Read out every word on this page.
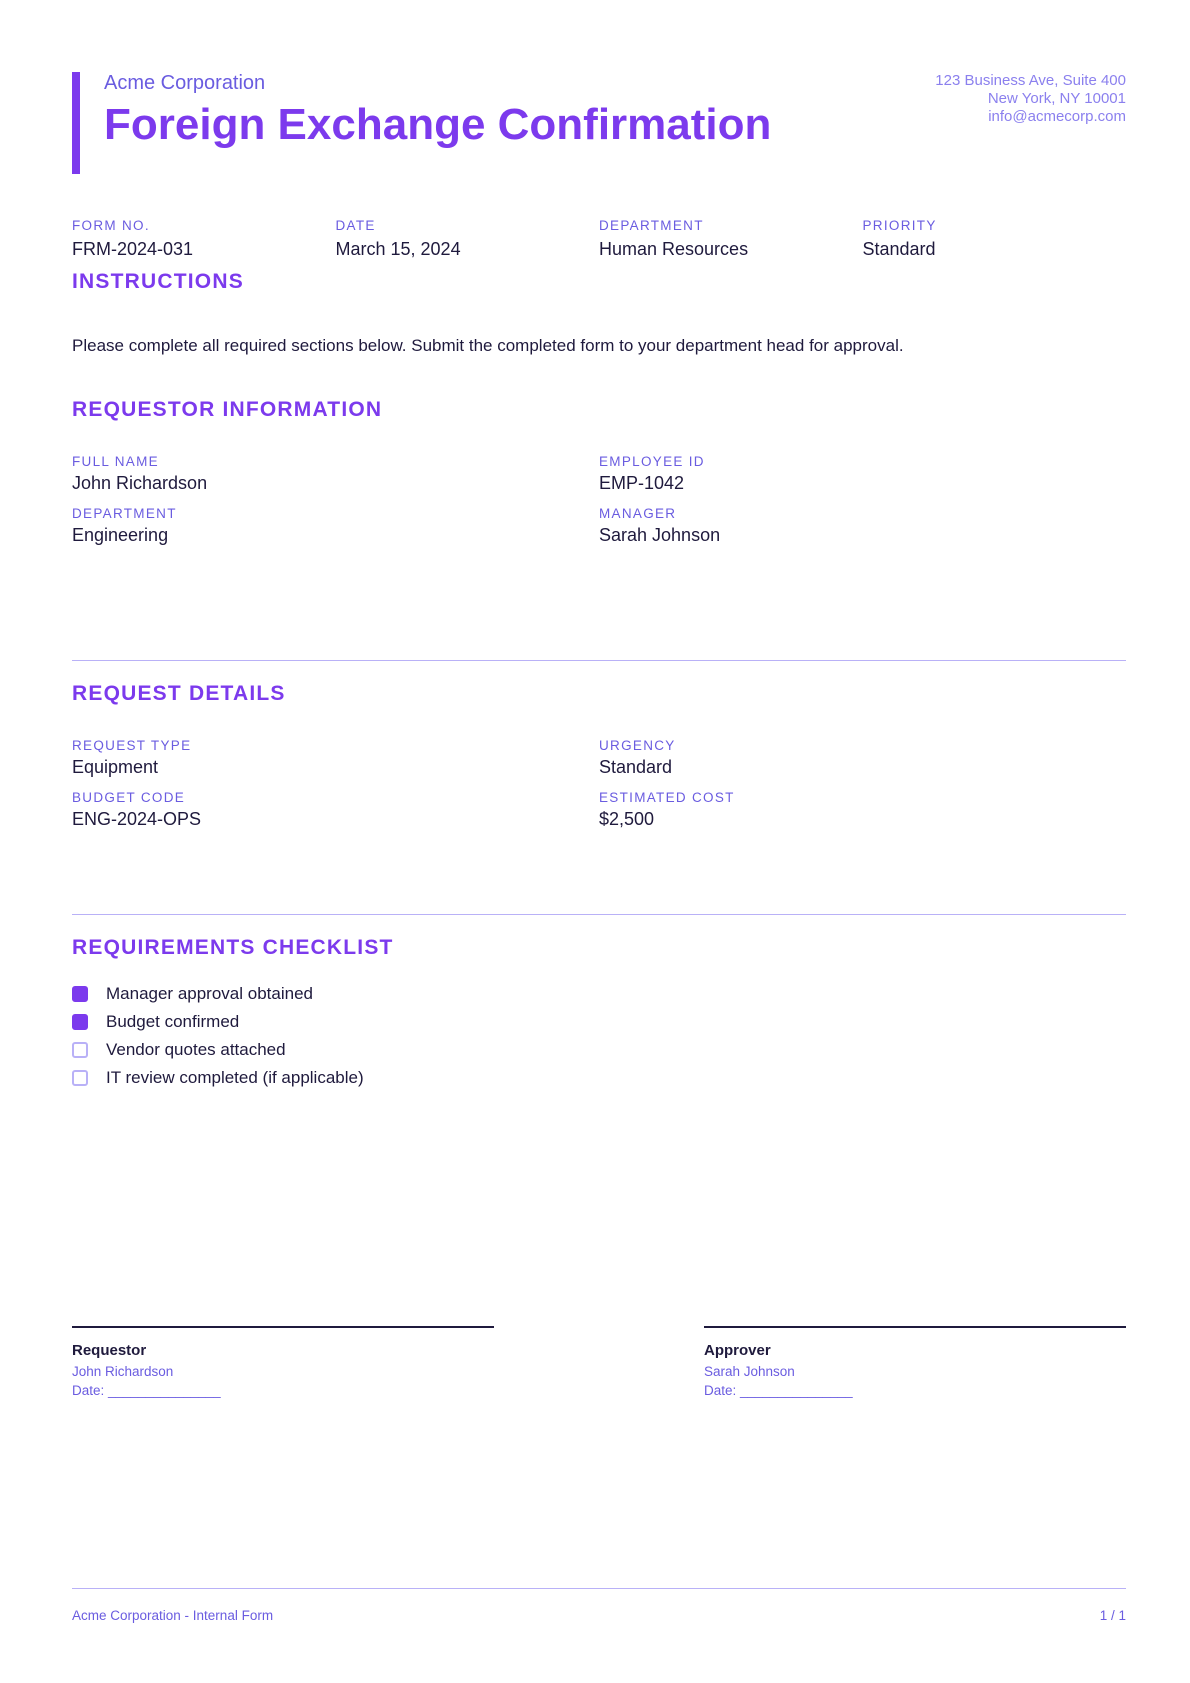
Acme Corporation
Foreign Exchange Confirmation
123 Business Ave, Suite 400
New York, NY 10001
info@acmecorp.com
FORM NO.
FRM-2024-031
DATE
March 15, 2024
DEPARTMENT
Human Resources
PRIORITY
Standard
INSTRUCTIONS
Please complete all required sections below. Submit the completed form to your department head for approval.
REQUESTOR INFORMATION
FULL NAME
John Richardson
EMPLOYEE ID
EMP-1042
DEPARTMENT
Engineering
MANAGER
Sarah Johnson
REQUEST DETAILS
REQUEST TYPE
Equipment
URGENCY
Standard
BUDGET CODE
ENG-2024-OPS
ESTIMATED COST
$2,500
REQUIREMENTS CHECKLIST
Manager approval obtained
Budget confirmed
Vendor quotes attached
IT review completed (if applicable)
Requestor
John Richardson
Date: _______________
Approver
Sarah Johnson
Date: _______________
Acme Corporation - Internal Form	1 / 1
